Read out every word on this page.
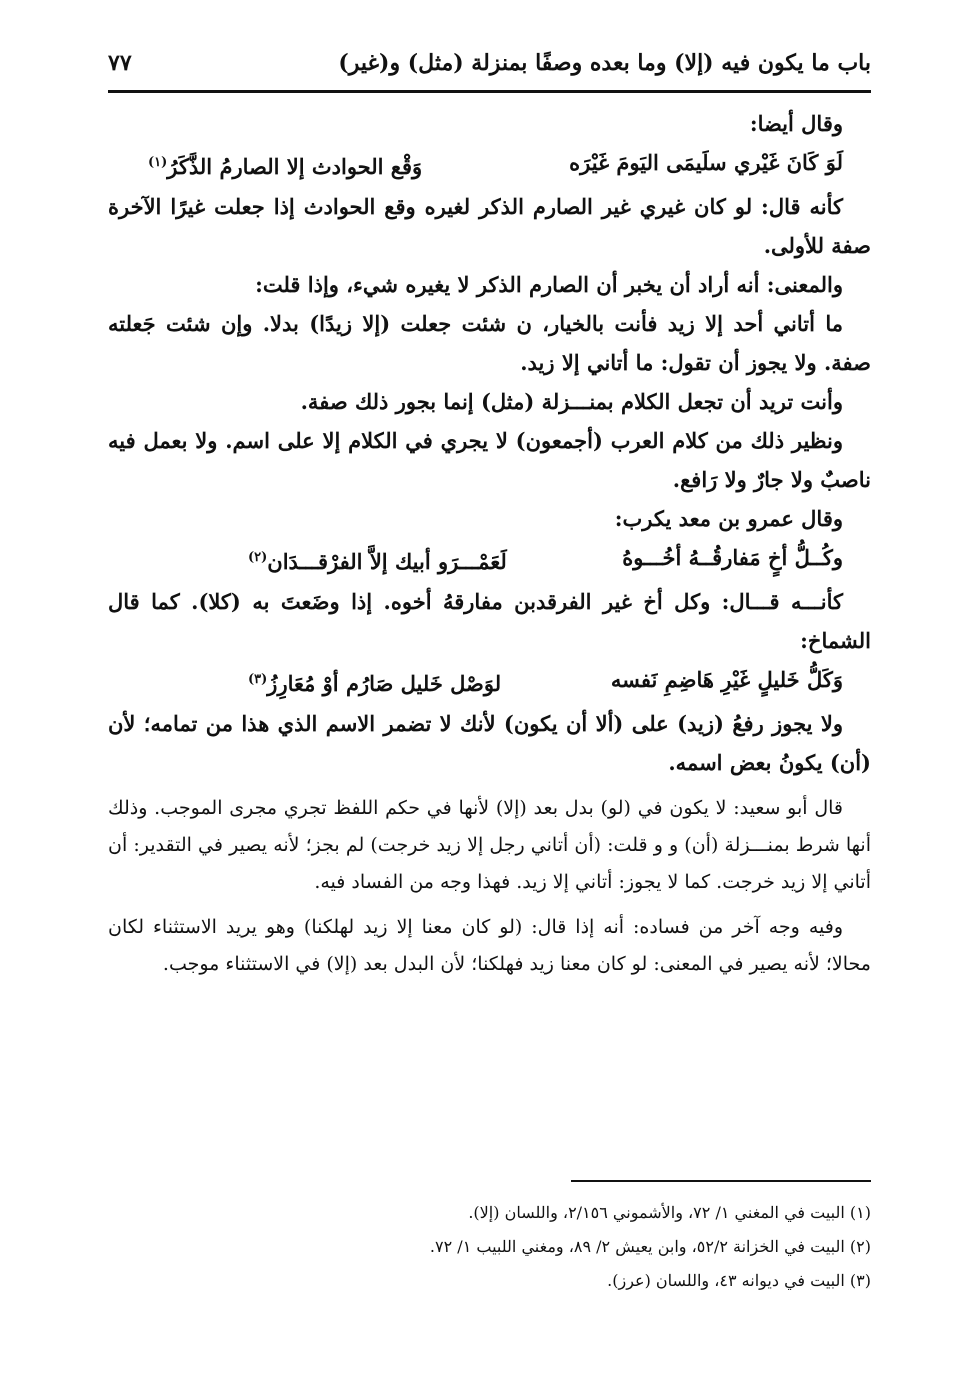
باب ما يكون فيه (إلا) وما بعده وصفًا بمنزلة (مثل) و(غير)
٧٧

وقال أيضا:

لَوَ كَانَ غَيْري سلَيمَى اليَومَ غَيْرَه
وَقْع الحوادث إلا الصارمُ الذَّكَرُ$^{(١)}$

كأنه قال: لو كان غيري غير الصارم الذكر لغيره وقع الحوادث إذا جعلت غيرًا الآخرة صفة للأولى.

والمعنى: أنه أراد أن يخبر أن الصارم الذكر لا يغيره شيء، وإذا قلت:

ما أتاني أحد إلا زيد فأنت بالخيار، ن شئت جعلت (إلا زيدًا) بدلا. وإن شئت جَعلته صفة. ولا يجوز أن تقول: ما أتاني إلا زيد.

وأنت تريد أن تجعل الكلام بمنـــزلة (مثل) إنما بجور ذلك صفة.

ونظير ذلك من كلام العرب (أجمعون) لا يجري في الكلام إلا على اسم. ولا بعمل فيه ناصبٌ ولا جارٌ ولا رَافع.

وقال عمرو بن معد يكرب:

وكُــلُّ أخٍ مَفارقُــهُ أخُـــوهُ
لَعَمْـــرَو أبيك إلاَّ الفرْقـــدَان$^{(٢)}$

كأنـــه قـــال: وكل أخ غير الفرقدبن مفارقهُ أخوه. إذا وضَعتَ به (كلا). كما قال الشماخ:

وَكَلُّ خَليلٍ غَيْرِ هَاضِمِ نَفسه
لوَصْل خَليل صَارُم أوْ مُعَارِزُ$^{(٣)}$

ولا يجوز رفعُ (زيد) على (ألا أن يكون) لأنك لا تضمر الاسم الذي هذا من تمامه؛ لأن (أن) يكونُ بعض اسمه.

قال أبو سعيد: لا يكون في (لو) بدل بعد (إلا) لأنها في حكم اللفظ تجري مجرى الموجب. وذلك أنها شرط بمنـــزلة (أن) و و قلت: (أن أتاني رجل إلا زيد خرجت) لم بجز؛ لأنه يصير في التقدير: أن أتاني إلا زيد خرجت. كما لا يجوز: أتاني إلا زيد. فهذا وجه من الفساد فيه.

وفيه وجه آخر من فساده: أنه إذا قال: (لو كان معنا إلا زيد لهلكنا) وهو يريد الاستثناء لكان محالا؛ لأنه يصير في المعنى: لو كان معنا زيد فهلكنا؛ لأن البدل بعد (إلا) في الاستثناء موجب.

(١) البيت في المغني ١/ ٧٢، والأشموني ٢/١٥٦، واللسان (إلا).

(٢) البيت في الخزانة ٥٢/٢، وابن يعيش ٢/ ٨٩، ومغني اللبيب ١/ ٧٢.

(٣) البيت في ديوانه ٤٣، واللسان (عرز).
